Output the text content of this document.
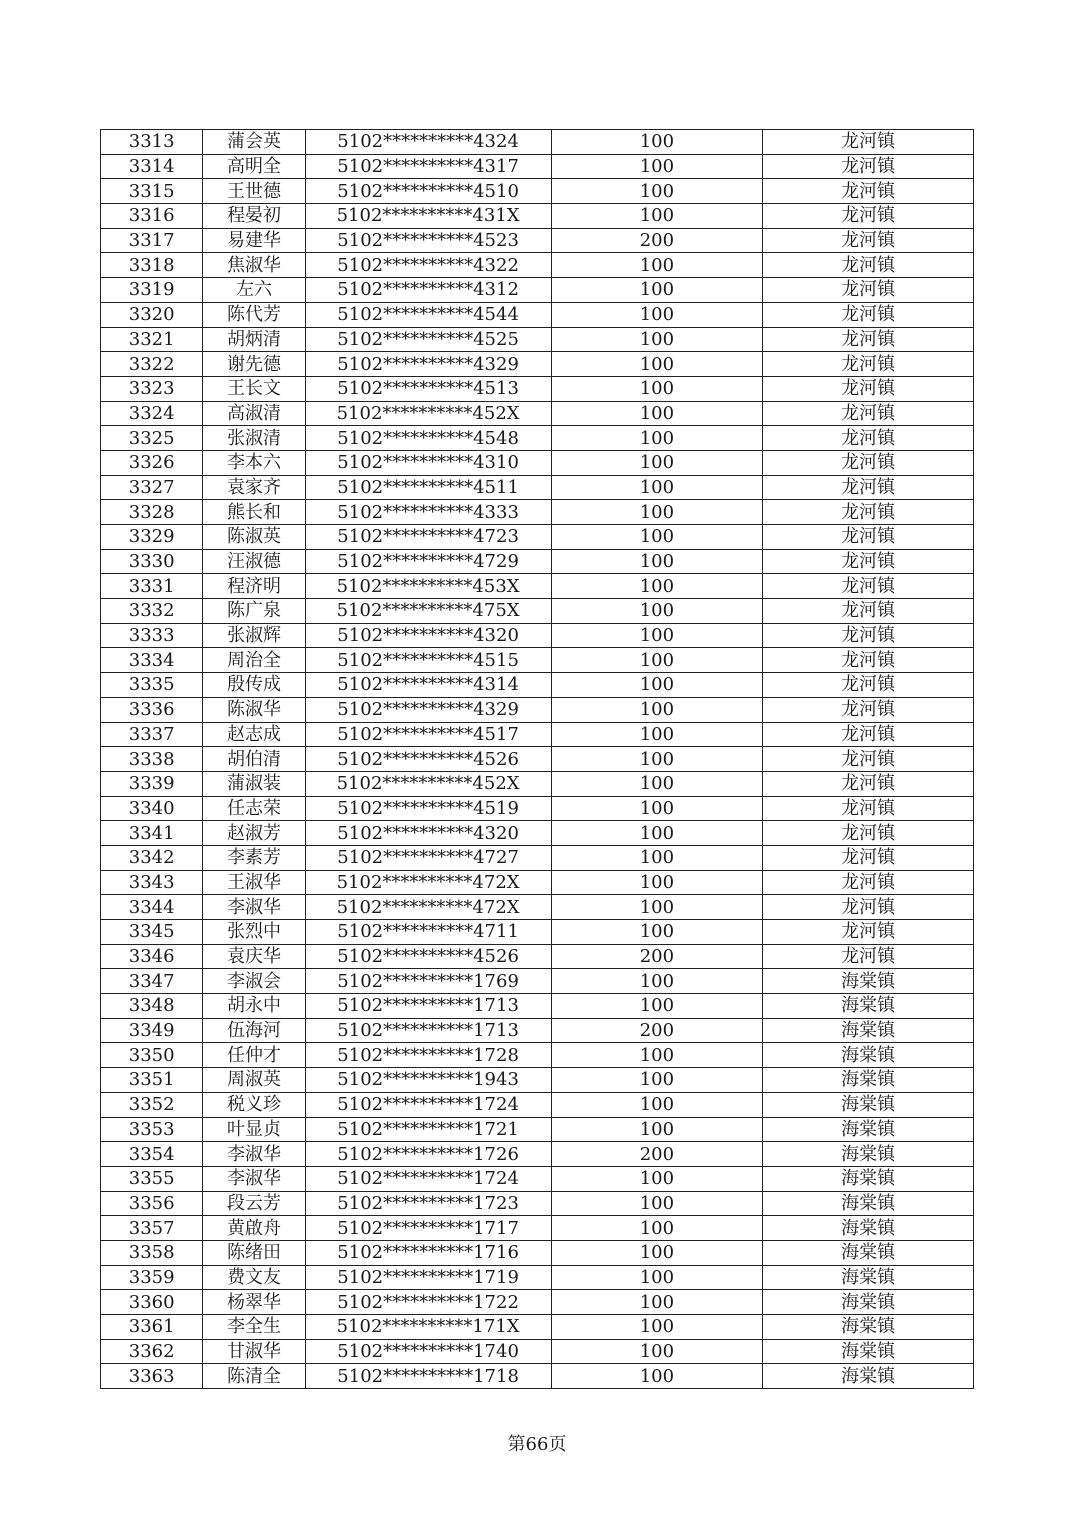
3313	蒲会英	5102**********4324	100	龙河镇
3314	高明全	5102**********4317	100	龙河镇
3315	王世德	5102**********4510	100	龙河镇
3316	程晏初	5102**********431X	100	龙河镇
3317	易建华	5102**********4523	200	龙河镇
3318	焦淑华	5102**********4322	100	龙河镇
3319	左六	5102**********4312	100	龙河镇
3320	陈代芳	5102**********4544	100	龙河镇
3321	胡炳清	5102**********4525	100	龙河镇
3322	谢先德	5102**********4329	100	龙河镇
3323	王长文	5102**********4513	100	龙河镇
3324	高淑清	5102**********452X	100	龙河镇
3325	张淑清	5102**********4548	100	龙河镇
3326	李本六	5102**********4310	100	龙河镇
3327	袁家齐	5102**********4511	100	龙河镇
3328	熊长和	5102**********4333	100	龙河镇
3329	陈淑英	5102**********4723	100	龙河镇
3330	汪淑德	5102**********4729	100	龙河镇
3331	程济明	5102**********453X	100	龙河镇
3332	陈广泉	5102**********475X	100	龙河镇
3333	张淑辉	5102**********4320	100	龙河镇
3334	周治全	5102**********4515	100	龙河镇
3335	殷传成	5102**********4314	100	龙河镇
3336	陈淑华	5102**********4329	100	龙河镇
3337	赵志成	5102**********4517	100	龙河镇
3338	胡伯清	5102**********4526	100	龙河镇
3339	蒲淑装	5102**********452X	100	龙河镇
3340	任志荣	5102**********4519	100	龙河镇
3341	赵淑芳	5102**********4320	100	龙河镇
3342	李素芳	5102**********4727	100	龙河镇
3343	王淑华	5102**********472X	100	龙河镇
3344	李淑华	5102**********472X	100	龙河镇
3345	张烈中	5102**********4711	100	龙河镇
3346	袁庆华	5102**********4526	200	龙河镇
3347	李淑会	5102**********1769	100	海棠镇
3348	胡永中	5102**********1713	100	海棠镇
3349	伍海河	5102**********1713	200	海棠镇
3350	任仲才	5102**********1728	100	海棠镇
3351	周淑英	5102**********1943	100	海棠镇
3352	税义珍	5102**********1724	100	海棠镇
3353	叶显贞	5102**********1721	100	海棠镇
3354	李淑华	5102**********1726	200	海棠镇
3355	李淑华	5102**********1724	100	海棠镇
3356	段云芳	5102**********1723	100	海棠镇
3357	黄啟舟	5102**********1717	100	海棠镇
3358	陈绪田	5102**********1716	100	海棠镇
3359	费文友	5102**********1719	100	海棠镇
3360	杨翠华	5102**********1722	100	海棠镇
3361	李全生	5102**********171X	100	海棠镇
3362	甘淑华	5102**********1740	100	海棠镇
3363	陈清全	5102**********1718	100	海棠镇
第66页
